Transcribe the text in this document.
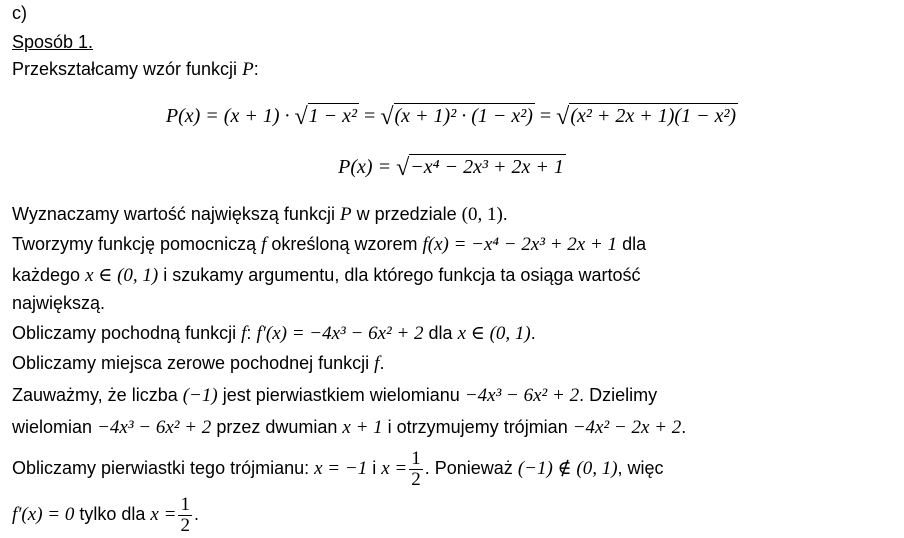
c)
Sposób 1.
Przekształcamy wzór funkcji P:
P(x) = (x + 1) · √1 − x² = √(x + 1)² · (1 − x²) = √(x² + 2x + 1)(1 − x²)
P(x) = √−x⁴ − 2x³ + 2x + 1
Wyznaczamy wartość największą funkcji P w przedziale (0, 1).
Tworzymy funkcję pomocniczą f określoną wzorem f(x) = −x⁴ − 2x³ + 2x + 1 dla
każdego x ∈ (0, 1) i szukamy argumentu, dla którego funkcja ta osiąga wartość
największą.
Obliczamy pochodną funkcji f: f′(x) = −4x³ − 6x² + 2 dla x ∈ (0, 1).
Obliczamy miejsca zerowe pochodnej funkcji f.
Zauważmy, że liczba (−1) jest pierwiastkiem wielomianu −4x³ − 6x² + 2. Dzielimy
wielomian −4x³ − 6x² + 2 przez dwumian x + 1 i otrzymujemy trójmian −4x² − 2x + 2.
Obliczamy pierwiastki tego trójmianu: x = −1 i $x = \frac{1}{2}$ . Ponieważ (−1) ∉ (0, 1), więc
f′(x) = 0 tylko dla $x = \frac{1}{2}$ .
